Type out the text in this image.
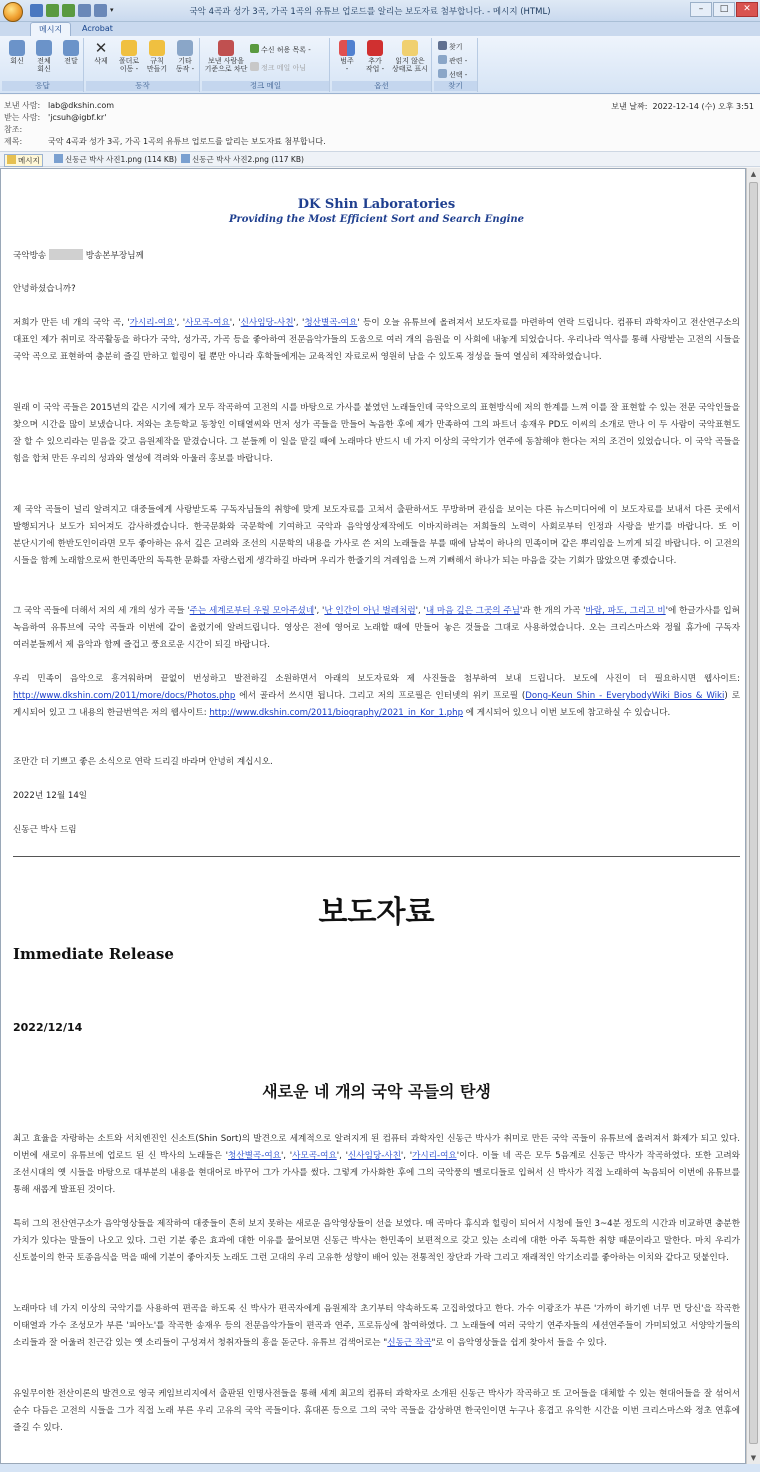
▾	국악 4곡과 성가 3곡, 가곡 1곡의 유튜브 업로드를 알리는 보도자료 첨부합니다. - 메시지 (HTML)	–	□	✕
메시지	Acrobat
회신	전체
회신
전달
응답
✕
삭제	폴더로
이동 -
규칙
만들기
기타
동작 -
동작
보낸 사람을
기준으로 차단
수신 허용 목록 -
정크 메일 아님
정크 메일
범주
-
추가
작업 -
읽지 않은
상태로 표시
옵션
찾기
관련 -
선택 -
찾기
보낸 사람: lab@dkshin.com
받는 사람: 'jcsuh@igbf.kr'
참조:
제목:	국악 4곡과 성가 3곡, 가곡 1곡의 유튜브 업로드를 알리는 보도자료 첨부합니다.
보낸 날짜: 2022-12-14 (수) 오후 3:51
메시지	신동근 박사 사진1.png (114 KB)	신동근 박사 사진2.png (117 KB)
DK Shin Laboratories
Providing the Most Efficient Sort and Search Engine
국악방송	방송본부장님께
안녕하셨습니까?
저희가 만든 네 개의 국악 곡, '가시리-여요', '사모곡-여요', '신사임당-사친', '청산별곡-여요' 등이 오늘 유튜브에 올려져서 보도자료를 마련하여 연락 드립니다. 컴퓨터 과학자이고 전산연구소의 대표인 제가 취미로 작곡활동을 하다가 국악, 성가곡, 가곡 등을 좋아하여 전문음악가들의 도움으로 여러 개의 음원을 이 사회에 내놓게 되었습니다. 우리나라 역사를 통해 사랑받는 고전의 시들을 국악 곡으로 표현하여 충분히 즐길 만하고 힐링이 될 뿐만 아니라 후학들에게는 교육적인 자료로써 영원히 남을 수 있도록 정성을 들여 열심히 제작하였습니다.
원래 이 국악 곡들은 2015년의 같은 시기에 제가 모두 작곡하여 고전의 시를 바탕으로 가사를 붙였던 노래들인데 국악으로의 표현방식에 저의 한계를 느껴 이를 잘 표현할 수 있는 전문 국악인들을 찾으며 시간을 많이 보냈습니다. 저와는 초등학교 동창인 이태열씨와 먼저 성가 곡들을 만들어 녹음한 후에 제가 만족하여 그의 파트너 송재우 PD도 이씨의 소개로 만나 이 두 사람이 국악표현도 잘 할 수 있으리라는 믿음을 갖고 음원제작을 맡겼습니다. 그 분들께 이 일을 맡길 때에 노래마다 반드시 네 가지 이상의 국악기가 연주에 동참해야 한다는 저의 조건이 있었습니다. 이 국악 곡들을 힘을 합쳐 만든 우리의 성과와 열성에 격려와 아울러 홍보를 바랍니다.
제 국악 곡들이 널리 알려지고 대중들에게 사랑받도록 구독자님들의 취향에 맞게 보도자료를 고쳐서 출판하셔도 무방하며 관심을 보이는 다른 뉴스미디어에 이 보도자료를 보내서 다른 곳에서 발행되거나 보도가 되어져도 감사하겠습니다. 한국문화와 국문학에 기여하고 국악과 음악영상제작에도 이바지하려는 저희들의 노력이 사회로부터 인정과 사랑을 받기를 바랍니다. 또 이 분단시기에 한반도인이라면 모두 좋아하는 유서 깊은 고려와 조선의 시문학의 내용을 가사로 쓴 저의 노래들을 부를 때에 남북이 하나의 민족이며 같은 뿌리임을 느끼게 되길 바랍니다. 이 고전의 시들을 함께 노래함으로써 한민족만의 독특한 문화를 자랑스럽게 생각하길 바라며 우리가 한줄기의 겨레임을 느껴 기뻐해서 하나가 되는 마음을 갖는 기회가 많았으면 좋겠습니다.
그 국악 곡들에 더해서 저의 세 개의 성가 곡들 '주는 세계로부터 우릴 모아주셨네', '난 인간이 아닌 벌레처럼', '내 마음 깊은 그곳의 주님'과 한 개의 가곡 '바람, 파도, 그리고 비'에 한글가사를 입혀 녹음하여 유튜브에 국악 곡들과 이번에 같이 올렸기에 알려드립니다. 영상은 전에 영어로 노래할 때에 만들어 놓은 것들을 그대로 사용하였습니다. 오는 크리스마스와 정월 휴가에 구독자 여러분들께서 제 음악과 함께 즐겁고 풍요로운 시간이 되길 바랍니다.
우리 민족이 음악으로 흥겨워하며 끝없이 번성하고 발전하길 소원하면서 아래의 보도자료와 제 사진들을 첨부하여 보내 드립니다. 보도에 사진이 더 필요하시면 웹사이트: http://www.dkshin.com/2011/more/docs/Photos.php 에서 골라서 쓰시면 됩니다. 그리고 저의 프로필은 인터넷의 위키 프로필 (Dong-Keun Shin - EverybodyWiki Bios & Wiki) 로 게시되어 있고 그 내용의 한글번역은 저의 웹사이트: http://www.dkshin.com/2011/biography/2021_in_Kor_1.php 에 게시되어 있으니 이번 보도에 참고하실 수 있습니다.
조만간 더 기쁘고 좋은 소식으로 연락 드리길 바라며 안녕히 계십시오.
2022년 12월 14일
신동근 박사 드림
보도자료
Immediate Release
2022/12/14
새로운 네 개의 국악 곡들의 탄생
최고 효율을 자랑하는 소트와 서치엔진인 신소트(Shin Sort)의 발견으로 세계적으로 알려지게 된 컴퓨터 과학자인 신동근 박사가 취미로 만든 국악 곡들이 유튜브에 올려져서 화제가 되고 있다. 이번에 새로이 유튜브에 업로드 된 신 박사의 노래들은 '청산별곡-여요', '사모곡-여요', '신사임당-사친', '가시리-여요'이다. 이들 네 곡은 모두 5음계로 신동근 박사가 작곡하였다. 또한 고려와 조선시대의 옛 시들을 바탕으로 대부분의 내용을 현대어로 바꾸어 그가 가사를 썼다. 그렇게 가사화한 후에 그의 국악풍의 멜로디들로 입혀서 신 박사가 직접 노래하여 녹음되어 이번에 유튜브를 통해 새롭게 발표된 것이다.
특히 그의 전산연구소가 음악영상들을 제작하여 대중들이 흔히 보지 못하는 새로운 음악영상들이 선을 보였다. 매 곡마다 휴식과 힐링이 되어서 시청에 들인 3~4분 정도의 시간과 비교하면 충분한 가치가 있다는 말들이 나오고 있다. 그런 기분 좋은 효과에 대한 이유를 물어보면 신동근 박사는 한민족이 보편적으로 갖고 있는 소리에 대한 아주 독특한 취향 때문이라고 말한다. 마치 우리가 신토불이의 한국 토종음식을 먹을 때에 기분이 좋아지듯 노래도 그런 고대의 우리 고유한 성향이 배어 있는 전통적인 장단과 가락 그리고 재래적인 악기소리를 좋아하는 이치와 같다고 덧붙인다.
노래마다 네 가지 이상의 국악기를 사용하여 편곡을 하도록 신 박사가 편곡자에게 음원제작 초기부터 약속하도록 고집하였다고 한다. 가수 이광조가 부른 '가까이 하기엔 너무 먼 당신'을 작곡한 이태열과 가수 조성모가 부른 '피아노'를 작곡한 송재우 등의 전문음악가들이 편곡과 연주, 프로듀싱에 참여하였다. 그 노래들에 여러 국악기 연주자들의 세션연주들이 가미되었고 서양악기들의 소리들과 잘 어울려 친근감 있는 옛 소리들이 구성져서 청취자들의 흥을 돋군다. 유튜브 검색어로는 "신동근 작곡"로 이 음악영상들을 쉽게 찾아서 들을 수 있다.
유일무이한 전산이론의 발견으로 영국 케임브리지에서 출판된 인명사전들을 통해 세계 최고의 컴퓨터 과학자로 소개된 신동근 박사가 작곡하고 또 고어들을 대체할 수 있는 현대어들을 잘 섞어서 순수 다듬은 고전의 시들을 그가 직접 노래 부른 우리 고유의 국악 곡들이다. 휴대폰 등으로 그의 국악 곡들을 감상하면 한국인이면 누구나 흥겹고 유익한 시간을 이번 크리스마스와 정초 연휴에 즐길 수 있다.
▲
▼
